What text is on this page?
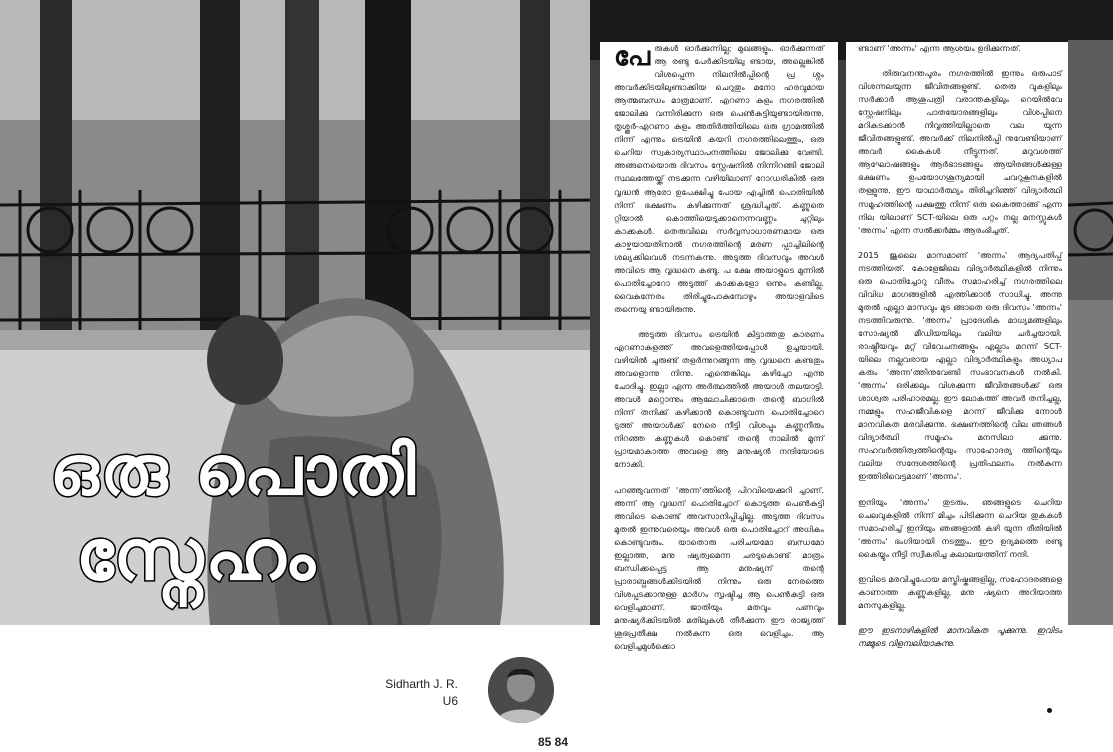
പേരുകൾ ഓർക്കുന്നില്ല; മുഖങ്ങളും. ഓർക്കുന്നത് ആ രണ്ടു പേർക്കിടയിലു ണ്ടായ, അല്ലെങ്കിൽ വിശപ്പെന്ന നിലനിൽപ്പിന്റെ പ്ര ശ്നം അവർക്കിടയിലുണ്ടാക്കിയ ചെറുതും മനോ ഹരവുമായ ആത്മബന്ധം മാത്രമാണ്. എറണാ കുളം നഗരത്തിൽ ജോലിക്കു വന്നിരിക്കുന്ന ഒരു പെൺകുട്ടിയുണ്ടായിരുന്നു. തൃശ്ശൂർ-എറണാ കുളം അതിർത്തിയിലെ ഒരു ഗ്രാമത്തിൽ നിന്ന് എന്നും ട്രെയിൻ കയറി നഗരത്തിലെത്തും, ഒരു ചെറിയ സ്വകാര്യസ്ഥാപനത്തിലെ ജോലിക്കു വേണ്ടി. അങ്ങനെയൊരു ദിവസം സ്റ്റേഷനിൽ നിന്നിറങ്ങി ജോലി സ്ഥലത്തേയ്ക്ക് നടക്കുന്ന വഴിയിലാണ് റോഡരികിൽ ഒരു വൃദ്ധൻ ആരോ ഉപേക്ഷിച്ചു പോയ എച്ചിൽ പൊതിയിൽ നിന്ന് ഭക്ഷണം കഴിക്കുന്നത് ശ്രദ്ധിച്ചത്. കണ്ണുതെ റ്റിയാൽ കൊത്തിയെടുക്കാനെന്നവണ്ണം ചുറ്റിലും കാക്കകൾ. തെരുവിലെ സർവ്വസാധാരണമായ ഒരു കാഴ്ചയായതിനാൽ നഗരത്തിന്റെ മരണ പ്പാച്ചിലിന്റെ ശല്യക്കിലവൾ നടന്നകന്നു. അടുത്ത ദിവസവും അവൾ അവിടെ ആ വൃദ്ധനെ കണ്ടു. പ ക്ഷേ അയാളുടെ മുന്നിൽ പൊതിച്ചോറോ അടുത്ത് കാക്കകളോ ഒന്നും കണ്ടില്ല. വൈകുന്നേരം തിരിച്ചുപോകുമ്പോഴും അയാളവിടെ തന്നെയു ണ്ടായിരുന്നു.

അടുത്ത ദിവസം ട്രെയിൻ കിട്ടാത്തതു കാരണം എറണാകുളത്ത് അവളെത്തിയപ്പോൾ ഉച്ചയായി. വഴിയിൽ ചുരുണ്ട് തളർന്നുറങ്ങുന്ന ആ വൃദ്ധനെ കണ്ടതും അവളൊന്നു നിന്നു. എന്തെങ്കിലും കഴിച്ചോ എന്നു ചോദിച്ചു. ഇല്ലാ എന്ന അർത്ഥത്തിൽ അയാൾ തലയാട്ടി. അവൾ മറ്റൊന്നും ആലോചിക്കാതെ തന്റെ ബാഗിൽ നിന്ന് തനിക്ക് കഴിക്കാൻ കൊണ്ടുവന്ന പൊതിച്ചോറെ ടുത്ത് അയാൾക്ക് നേരെ നീട്ടി വിശപ്പും കണ്ണുനീരും നിറഞ്ഞ കണ്ണുകൾ കൊണ്ട് തന്റെ നാലിൽ മൂന്ന് പ്രായമാകാത്ത അവളെ ആ മനുഷ്യൻ നന്ദിയോടെ നോക്കി.

പറഞ്ഞുവന്നത് 'അന്ന'ത്തിന്റെ പിറവിയെക്കുറി ച്ചാണ്. അന്ന് ആ വൃദ്ധന് പൊതിച്ചോറ് കൊടുത്ത പെൺകുട്ടി അവിടെ കൊണ്ട് അവസാനിപ്പിച്ചില്ല. അടുത്ത ദിവസം മുതൽ ഇന്നുവരെയും അവൾ ഒരു പൊതിച്ചോറ് അധികം കൊണ്ടുവരും. യാതൊരു പരിചയമോ ബന്ധമോ ഇല്ലാത്ത, മനു ഷ്യത്വമെന്ന ചരടുകൊണ്ട് മാത്രം ബന്ധിക്കപ്പെട്ട ആ മനുഷ്യന് തന്റെ പ്രാരാബ്ധങ്ങൾക്കിടയിൽ നിന്നും ഒരു നേരത്തെ വിശപ്പടക്കാനുള്ള മാർഗം സൃഷ്ടിച്ച ആ പെൺകുട്ടി ഒരു വെളിച്ചമാണ്. ജാതിയും മതവും പണവും മനുഷ്യർക്കിടയിൽ മതിലുകൾ തീർക്കുന്ന ഈ രാജ്യത്ത് ശുഭപ്രതീക്ഷ നൽകുന്ന ഒരു വെളിച്ചം. ആ വെളിച്ചമുൾക്കൊ

ണ്ടാണ് 'അന്നം' എന്ന ആശയം ഉദിക്കുന്നത്.

തിരുവനന്തപുരം നഗരത്തിൽ ഇന്നും ഒരുപാട് വിശന്നലയുന്ന ജീവിതങ്ങളുണ്ട്. തെരു വുകളിലും സർക്കാർ ആശുപത്രി വരാന്തകളിലും റെയിൽവേ സ്റ്റേഷനിലും പാതയോരങ്ങളിലും വിശപ്പിനെ മറികടക്കാൻ നിവൃത്തിയില്ലാതെ വല യുന്ന ജീവിതങ്ങളുണ്ട്. അവർക്ക് നിലനിൽപ്പി നുവേണ്ടിയാണ് അവർ കൈകൾ നീട്ടുന്നത്. മറുവശത്ത് ആഘോഷങ്ങളും ആർഭാടങ്ങളും ആയിരങ്ങൾക്കുള്ള ഭക്ഷണം ഉപയോഗശൂന്യമായി ചവറുകൂനകളിൽ തള്ളുന്നു. ഈ യാഥാർത്ഥ്യം തിരിച്ചറിഞ്ഞ് വിദ്യാർത്ഥി സമൂഹത്തിന്റെ പക്ഷത്തു നിന്ന് ഒരു കൈത്താങ്ങ് എന്ന നില യിലാണ് SCT-യിലെ ഒരു പറ്റം നല്ല മനസ്സുകൾ 'അന്നം' എന്ന സൽക്കർമ്മം ആരംഭിച്ചത്.

2015 ജൂലൈ മാസമാണ് 'അന്നം' ആദ്യപതിപ്പ് നടത്തിയത്. കോളേജിലെ വിദ്യാർത്ഥികളിൽ നിന്നും ഒരു പൊതിച്ചോറു വീതം സമാഹരിച്ച് നഗരത്തിലെ വിവിധ മാഗങ്ങളിൽ എത്തിക്കാൻ സാധിച്ചു. അന്നു മുതൽ എല്ലാ മാസവും മുട ങ്ങാതെ ഒരു ദിവസം 'അന്നം' നടത്തിവരുന്നു. 'അന്നം' പ്രാദേശിക മാധ്യമങ്ങളിലും സോഷ്യൽ മീഡിയയിലും വലിയ ചർച്ചയായി. രാഷ്ട്രീയവും മറ്റ് വിവേചനങ്ങളും എല്ലാം മറന്ന് SCT-യിലെ നല്ലവരായ എല്ലാ വിദ്യാർത്ഥികളും അധ്യാപ കരും 'അന്ന'ത്തിനുവേണ്ടി സംഭാവനകൾ നൽകി. 'അന്നം' ഒരിക്കലും വിശക്കുന്ന ജീവിതങ്ങൾക്ക് ഒരു ശാശ്വത പരിഹാരമല്ല. ഈ ലോകത്ത് അവർ തനിച്ചല്ല, നമ്മളും സഹജീവികളെ മറന്ന് ജീവിക്കു ന്നോൾ മാനവികത മരവിക്കുന്നു. ഭക്ഷണത്തിന്റെ വില ഞങ്ങൾ വിദ്യാർത്ഥി സമൂഹം മനസിലാ ക്കുന്നു. സഹവർത്തിത്വത്തിന്റെയും സാഹോദര്യ ത്തിന്റെയും വലിയ സന്ദേശത്തിന്റെ പ്രതിഫലനം നൽകുന്ന ഇത്തിരിവെട്ടമാണ് 'അന്നം'.

ഇനിയും 'അന്നം' തുടരും. ഞങ്ങളുടെ ചെറിയ ചെലവുകളിൽ നിന്ന് മിച്ചം പിടിക്കുന്ന ചെറിയ തുകകൾ സമാഹരിച്ച് ഇനിയും ഞങ്ങളാൽ കഴി യുന്ന രീതിയിൽ 'അന്നം' ഭംഗിയായി നടത്തും. ഈ ഉദ്യമത്തെ രണ്ടു കൈയ്യും നീട്ടി സ്വീകരിച്ച കലാലയത്തിന് നന്ദി.

ഇവിടെ മരവിച്ചുപോയ മസ്തിഷ്കങ്ങളില്ല, സഹോദരങ്ങളെ കാണാത്ത കണ്ണുകളില്ല, മനു ഷ്യനെ അറിയാത്ത മനസുകളില്ല.

ഈ ഇടനാഴികളിൽ മാനവികത പൂക്കുന്നു. ഇവിടം നമ്മുടെ വിളമ്പലിയാകുന്നു.

ഒരു പൊതി
സ്നേഹം
Sidharth J. R.
U6
85 84
